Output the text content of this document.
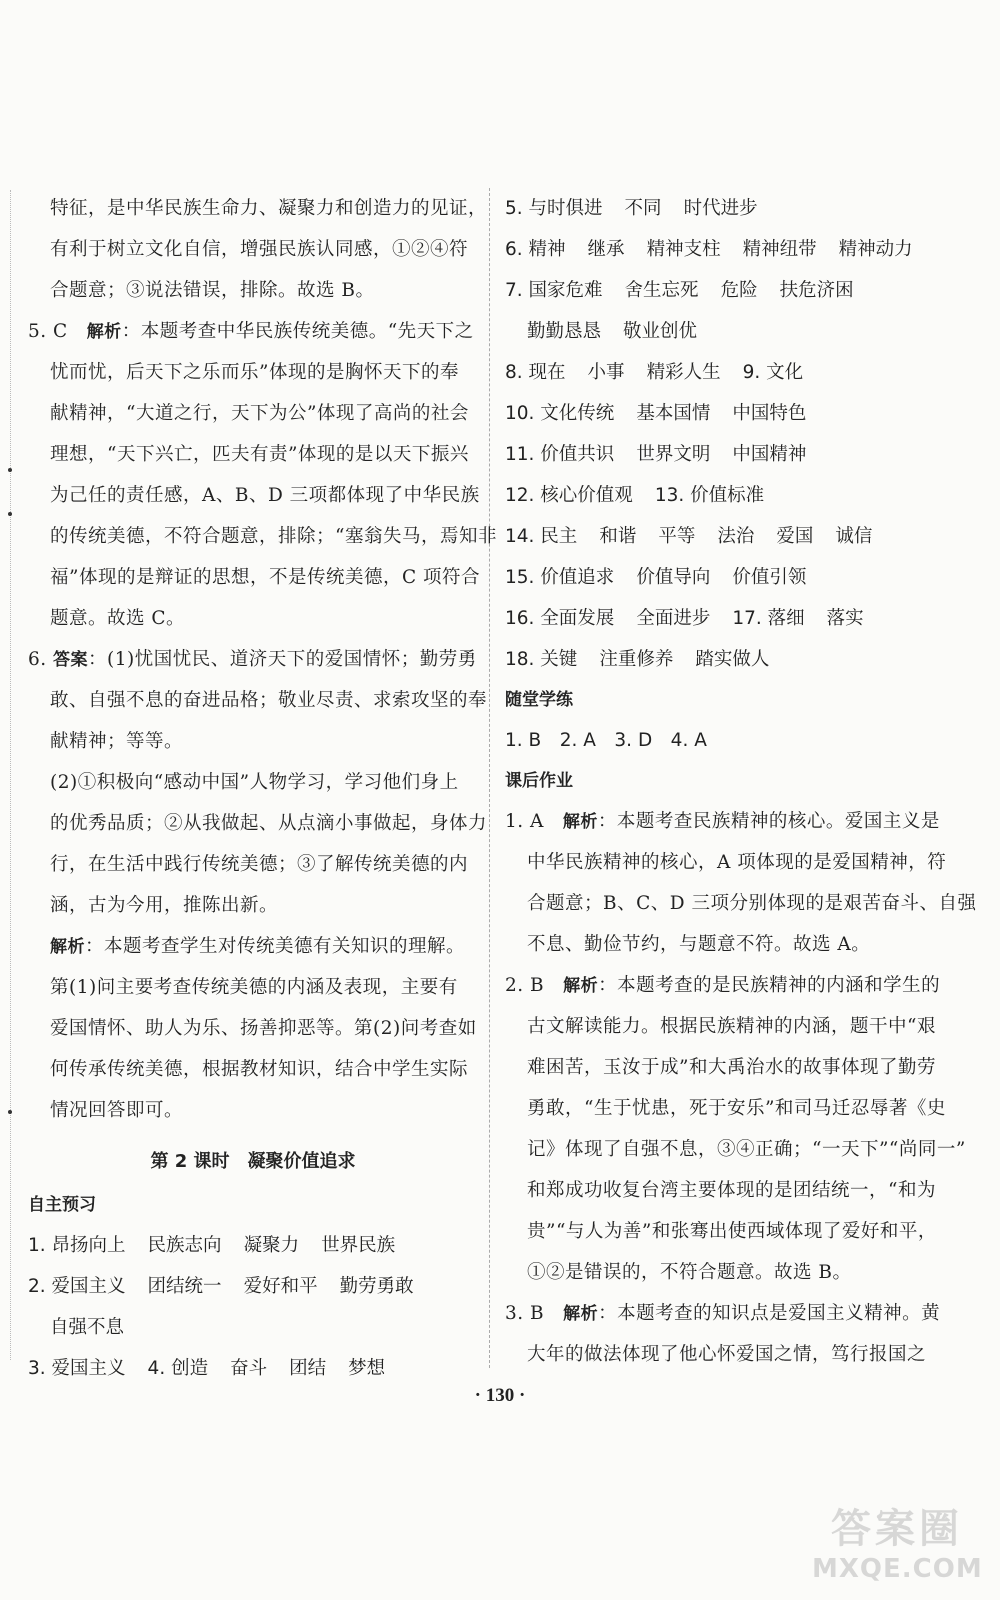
特征，是中华民族生命力、凝聚力和创造力的见证，
有利于树立文化自信，增强民族认同感，①②④符
合题意；③说法错误，排除。故选 B。
5. C　解析：本题考查中华民族传统美德。“先天下之
忧而忧，后天下之乐而乐”体现的是胸怀天下的奉
献精神，“大道之行，天下为公”体现了高尚的社会
理想，“天下兴亡，匹夫有责”体现的是以天下振兴
为己任的责任感，A、B、D 三项都体现了中华民族
的传统美德，不符合题意，排除；“塞翁失马，焉知非
福”体现的是辩证的思想，不是传统美德，C 项符合
题意。故选 C。
6. 答案：(1)忧国忧民、道济天下的爱国情怀；勤劳勇
敢、自强不息的奋进品格；敬业尽责、求索攻坚的奉
献精神；等等。
(2)①积极向“感动中国”人物学习，学习他们身上
的优秀品质；②从我做起、从点滴小事做起，身体力
行，在生活中践行传统美德；③了解传统美德的内
涵，古为今用，推陈出新。
解析：本题考查学生对传统美德有关知识的理解。
第(1)问主要考查传统美德的内涵及表现，主要有
爱国情怀、助人为乐、扬善抑恶等。第(2)问考查如
何传承传统美德，根据教材知识，结合中学生实际
情况回答即可。
第 2 课时　凝聚价值追求
自主预习
1. 昂扬向上 民族志向 凝聚力 世界民族
2. 爱国主义 团结统一 爱好和平 勤劳勇敢
自强不息
3. 爱国主义 4. 创造 奋斗 团结 梦想
5. 与时俱进 不同 时代进步
6. 精神 继承 精神支柱 精神纽带 精神动力
7. 国家危难 舍生忘死 危险 扶危济困
勤勤恳恳 敬业创优
8. 现在 小事 精彩人生 9. 文化
10. 文化传统 基本国情 中国特色
11. 价值共识 世界文明 中国精神
12. 核心价值观 13. 价值标准
14. 民主 和谐 平等 法治 爱国 诚信
15. 价值追求 价值导向 价值引领
16. 全面发展 全面进步 17. 落细 落实
18. 关键 注重修养 踏实做人
随堂学练
1. B　2. A　3. D　4. A
课后作业
1. A　解析：本题考查民族精神的核心。爱国主义是
中华民族精神的核心，A 项体现的是爱国精神，符
合题意；B、C、D 三项分别体现的是艰苦奋斗、自强
不息、勤俭节约，与题意不符。故选 A。
2. B　解析：本题考查的是民族精神的内涵和学生的
古文解读能力。根据民族精神的内涵，题干中“艰
难困苦，玉汝于成”和大禹治水的故事体现了勤劳
勇敢，“生于忧患，死于安乐”和司马迁忍辱著《史
记》体现了自强不息，③④正确；“一天下”“尚同一”
和郑成功收复台湾主要体现的是团结统一，“和为
贵”“与人为善”和张骞出使西域体现了爱好和平，
①②是错误的，不符合题意。故选 B。
3. B　解析：本题考查的知识点是爱国主义精神。黄
大年的做法体现了他心怀爱国之情，笃行报国之
· 130 ·
答案圈
MXQE.COM
